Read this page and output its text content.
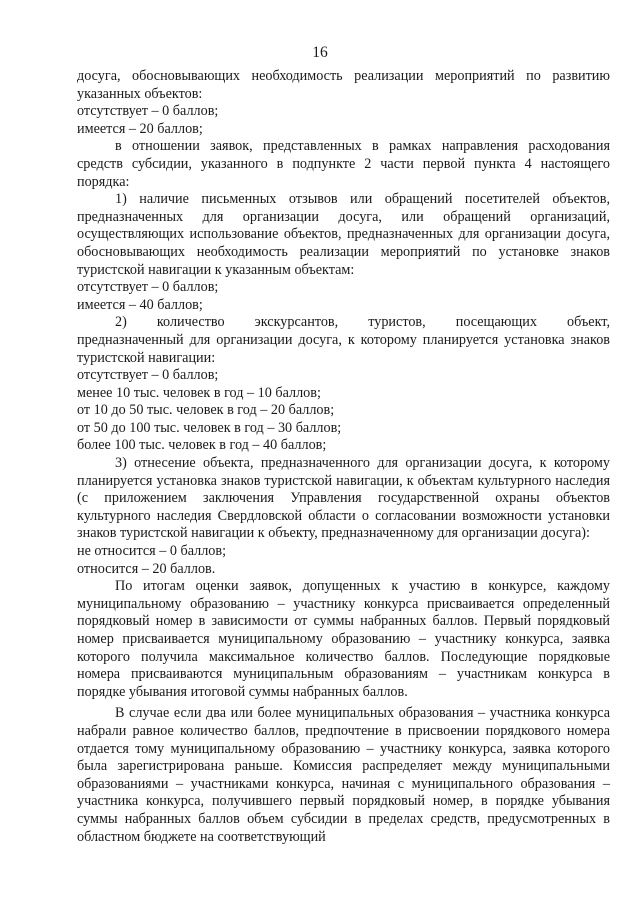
16

досуга, обосновывающих необходимость реализации мероприятий по развитию указанных объектов:

отсутствует – 0 баллов;

имеется – 20 баллов;

в отношении заявок, представленных в рамках направления расходования средств субсидии, указанного в подпункте 2 части первой пункта 4 настоящего порядка:

1) наличие письменных отзывов или обращений посетителей объектов, предназначенных для организации досуга, или обращений организаций, осуществляющих использование объектов, предназначенных для организации досуга, обосновывающих необходимость реализации мероприятий по установке знаков туристской навигации к указанным объектам:

отсутствует – 0 баллов;

имеется – 40 баллов;

2) количество экскурсантов, туристов, посещающих объект,

предназначенный для организации досуга, к которому планируется установка знаков туристской навигации:

отсутствует – 0 баллов;

менее 10 тыс. человек в год – 10 баллов;

от 10 до 50 тыс. человек в год – 20 баллов;

от 50 до 100 тыс. человек в год – 30 баллов;

более 100 тыс. человек в год – 40 баллов;

3) отнесение объекта, предназначенного для организации досуга, к которому планируется установка знаков туристской навигации, к объектам культурного наследия (с приложением заключения Управления государственной охраны объектов культурного наследия Свердловской области о согласовании возможности установки знаков туристской навигации к объекту, предназначенному для организации досуга):

не относится – 0 баллов;

относится – 20 баллов.

По итогам оценки заявок, допущенных к участию в конкурсе, каждому муниципальному образованию – участнику конкурса присваивается определенный порядковый номер в зависимости от суммы набранных баллов. Первый порядковый номер присваивается муниципальному образованию – участнику конкурса, заявка которого получила максимальное количество баллов. Последующие порядковые номера присваиваются муниципальным образованиям – участникам конкурса в порядке убывания итоговой суммы набранных баллов.

В случае если два или более муниципальных образования – участника конкурса набрали равное количество баллов, предпочтение в присвоении порядкового номера отдается тому муниципальному образованию – участнику конкурса, заявка которого была зарегистрирована раньше. Комиссия распределяет между муниципальными образованиями – участниками конкурса, начиная с муниципального образования – участника конкурса, получившего первый порядковый номер, в порядке убывания суммы набранных баллов объем субсидии в пределах средств, предусмотренных в областном бюджете на соответствующий
